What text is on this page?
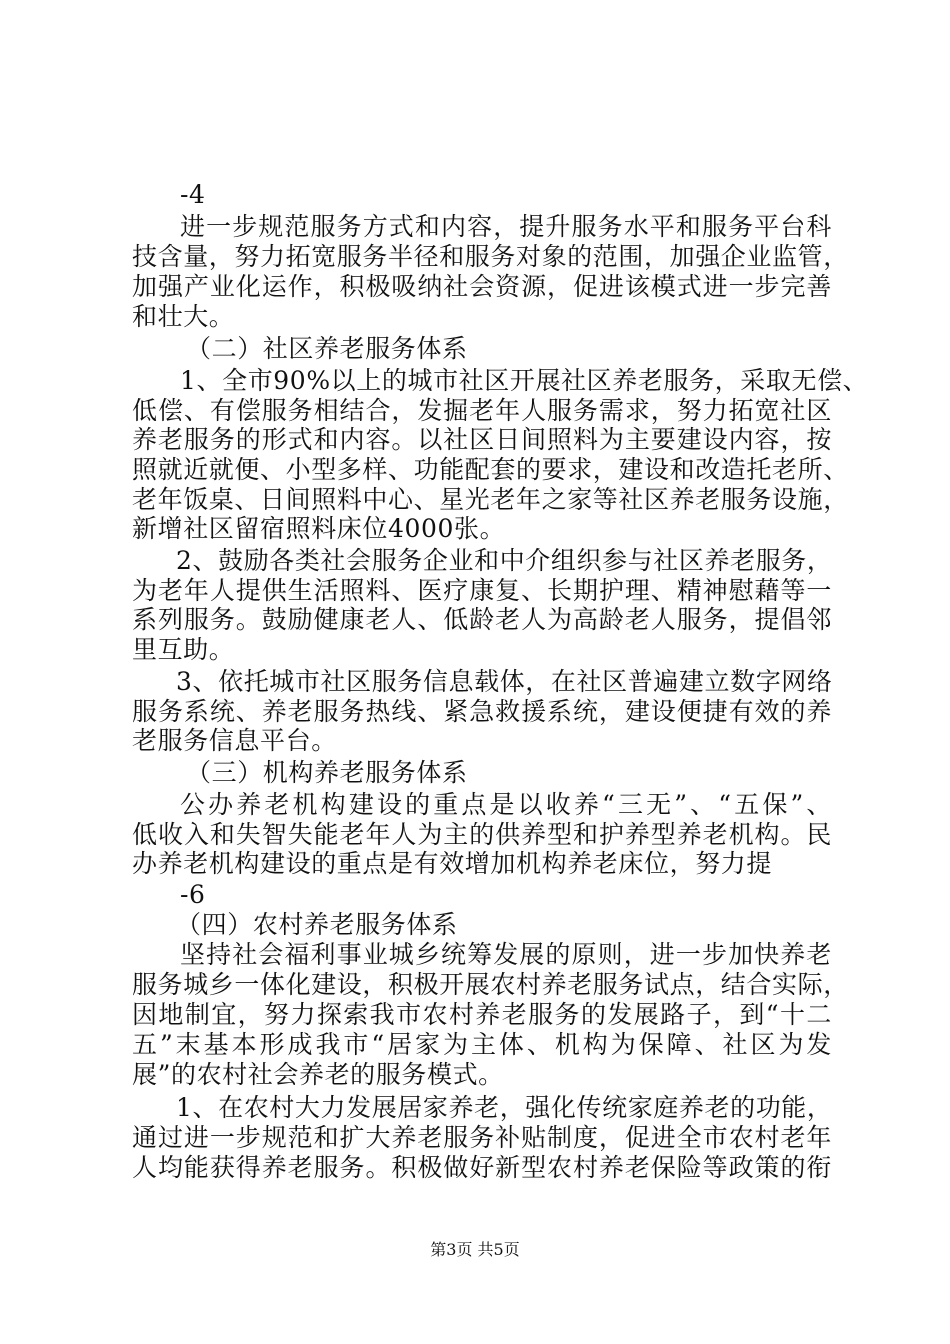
-4
进一步规范服务方式和内容，提升服务水平和服务平台科
技含量，努力拓宽服务半径和服务对象的范围，加强企业监管，
加强产业化运作，积极吸纳社会资源，促进该模式进一步完善
和壮大。
（二）社区养老服务体系
1、全市90%以上的城市社区开展社区养老服务，采取无偿、
低偿、有偿服务相结合，发掘老年人服务需求，努力拓宽社区
养老服务的形式和内容。以社区日间照料为主要建设内容，按
照就近就便、小型多样、功能配套的要求，建设和改造托老所、
老年饭桌、日间照料中心、星光老年之家等社区养老服务设施，
新增社区留宿照料床位4000张。
2、鼓励各类社会服务企业和中介组织参与社区养老服务，
为老年人提供生活照料、医疗康复、长期护理、精神慰藉等一
系列服务。鼓励健康老人、低龄老人为高龄老人服务，提倡邻
里互助。
3、依托城市社区服务信息载体，在社区普遍建立数字网络
服务系统、养老服务热线、紧急救援系统，建设便捷有效的养
老服务信息平台。
（三）机构养老服务体系
公办养老机构建设的重点是以收养“三无”、“五保”、
低收入和失智失能老年人为主的供养型和护养型养老机构。民
办养老机构建设的重点是有效增加机构养老床位，努力提
-6
（四）农村养老服务体系
坚持社会福利事业城乡统筹发展的原则，进一步加快养老
服务城乡一体化建设，积极开展农村养老服务试点，结合实际，
因地制宜，努力探索我市农村养老服务的发展路子，到“十二
五”末基本形成我市“居家为主体、机构为保障、社区为发
展”的农村社会养老的服务模式。
1、在农村大力发展居家养老，强化传统家庭养老的功能，
通过进一步规范和扩大养老服务补贴制度，促进全市农村老年
人均能获得养老服务。积极做好新型农村养老保险等政策的衔
第3页 共5页
